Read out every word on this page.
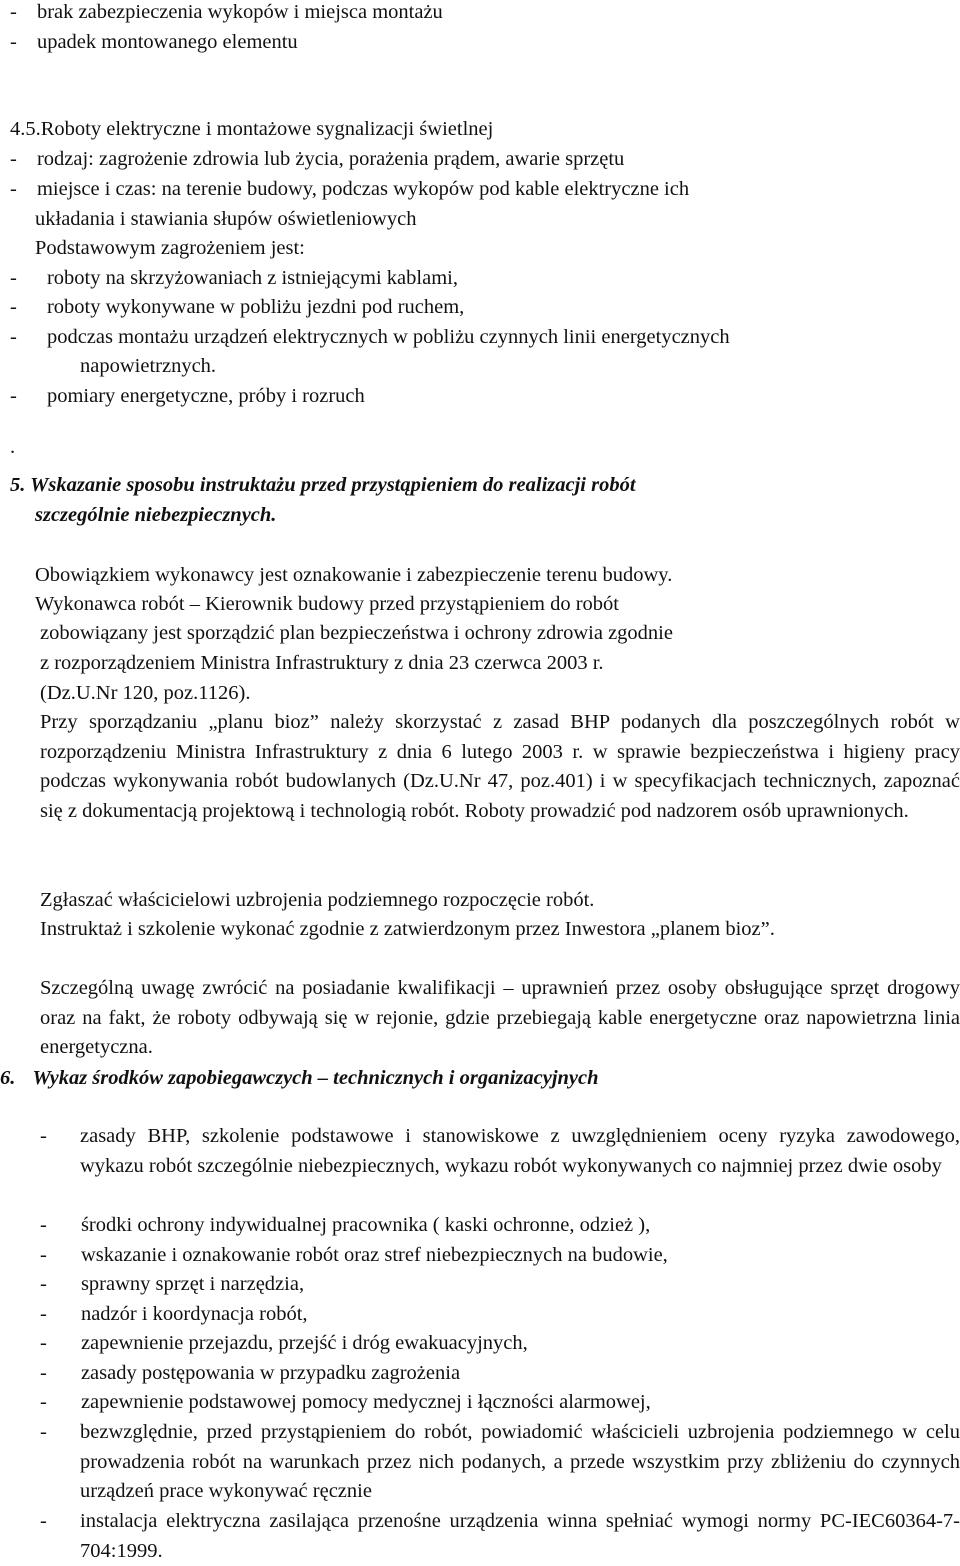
- brak zabezpieczenia wykopów i miejsca montażu
- upadek montowanego elementu
4.5.Roboty elektryczne i montażowe sygnalizacji świetlnej
- rodzaj: zagrożenie zdrowia lub życia, porażenia prądem, awarie sprzętu
- miejsce i czas: na terenie budowy, podczas wykopów pod kable elektryczne ich
układania i stawiania słupów oświetleniowych
Podstawowym zagrożeniem jest:
- roboty na skrzyżowaniach z istniejącymi kablami,
- roboty wykonywane w pobliżu jezdni pod ruchem,
- podczas montażu urządzeń elektrycznych w pobliżu czynnych linii energetycznych
napowietrznych.
- pomiary energetyczne, próby i rozruch
.
5. Wskazanie sposobu instruktażu przed przystąpieniem do realizacji robót
szczególnie niebezpiecznych.
Obowiązkiem wykonawcy jest oznakowanie i zabezpieczenie terenu budowy.
Wykonawca robót – Kierownik budowy przed przystąpieniem do robót
zobowiązany jest sporządzić plan bezpieczeństwa i ochrony zdrowia zgodnie
z rozporządzeniem Ministra Infrastruktury z dnia 23 czerwca 2003 r.
(Dz.U.Nr 120, poz.1126).
Przy sporządzaniu „planu bioz” należy skorzystać z zasad BHP podanych dla poszczególnych robót w rozporządzeniu Ministra Infrastruktury z dnia 6 lutego 2003 r. w sprawie bezpieczeństwa i higieny pracy podczas wykonywania robót budowlanych (Dz.U.Nr 47, poz.401) i w specyfikacjach technicznych, zapoznać się z dokumentacją projektową i technologią robót. Roboty prowadzić pod nadzorem osób uprawnionych.
Zgłaszać właścicielowi uzbrojenia podziemnego rozpoczęcie robót.
Instruktaż i szkolenie wykonać zgodnie z zatwierdzonym przez Inwestora „planem bioz”.
Szczególną uwagę zwrócić na posiadanie kwalifikacji – uprawnień przez osoby obsługujące sprzęt drogowy oraz na fakt, że roboty odbywają się w rejonie, gdzie przebiegają kable energetyczne oraz napowietrzna linia energetyczna.
6. Wykaz środków zapobiegawczych – technicznych i organizacyjnych
- zasady BHP, szkolenie podstawowe i stanowiskowe z uwzględnieniem oceny ryzyka zawodowego, wykazu robót szczególnie niebezpiecznych, wykazu robót wykonywanych co najmniej przez dwie osoby
- środki ochrony indywidualnej pracownika ( kaski ochronne, odzież ),
- wskazanie i oznakowanie robót oraz stref niebezpiecznych na budowie,
- sprawny sprzęt i narzędzia,
- nadzór i koordynacja robót,
- zapewnienie przejazdu, przejść i dróg ewakuacyjnych,
- zasady postępowania w przypadku zagrożenia
- zapewnienie podstawowej pomocy medycznej i łączności alarmowej,
- bezwzględnie, przed przystąpieniem do robót, powiadomić właścicieli uzbrojenia podziemnego w celu prowadzenia robót na warunkach przez nich podanych, a przede wszystkim przy zbliżeniu do czynnych urządzeń prace wykonywać ręcznie
- instalacja elektryczna zasilająca przenośne urządzenia winna spełniać wymogi normy PC-IEC60364-7-704:1999.
